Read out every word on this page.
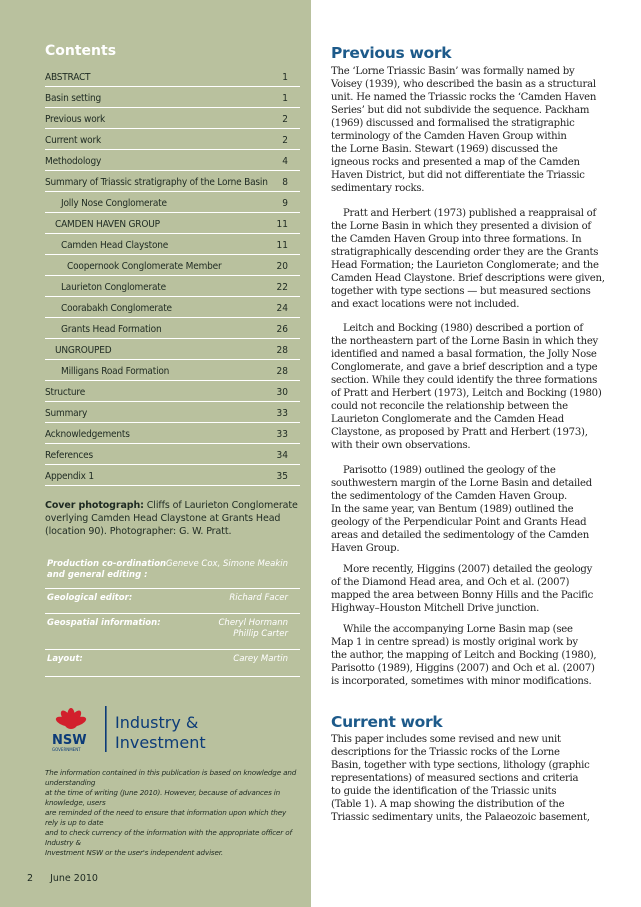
Contents
ABSTRACT	1
Basin setting	1
Previous work	2
Current work	2
Methodology	4
Summary of Triassic stratigraphy of the Lorne Basin 8
Jolly Nose Conglomerate	9
CAMDEN HAVEN GROUP	11
Camden Head Claystone	11
Coopernook Conglomerate Member	20
Laurieton Conglomerate	22
Coorabakh Conglomerate	24
Grants Head Formation	26
UNGROUPED	28
Milligans Road Formation	28
Structure	30
Summary	33
Acknowledgements	33
References	34
Appendix 1	35
Cover photograph: Cliffs of Laurieton Conglomerate
overlying Camden Head Claystone at Grants Head
(location 90). Photographer: G. W. Pratt.
Production co-ordination
and general editing :
Geneve Cox, Simone Meakin
Geological editor:	Richard Facer
Geospatial information:	Cheryl Hormann
Phillip Carter
Layout:	Carey Martin
NSW
GOVERNMENT
Industry &
Investment
The information contained in this publication is based on knowledge and understanding
at the time of writing (June 2010). However, because of advances in knowledge, users
are reminded of the need to ensure that information upon which they rely is up to date
and to check currency of the information with the appropriate officer of Industry &
Investment NSW or the user's independent adviser.
2 June 2010
Previous work
Current work
The ‘Lorne Triassic Basin’ was formally named by
Voisey (1939), who described the basin as a structural
unit. He named the Triassic rocks the ‘Camden Haven
Series’ but did not subdivide the sequence. Packham
(1969) discussed and formalised the stratigraphic
terminology of the Camden Haven Group within
the Lorne Basin. Stewart (1969) discussed the
igneous rocks and presented a map of the Camden
Haven District, but did not differentiate the Triassic
sedimentary rocks.
Pratt and Herbert (1973) published a reappraisal of
the Lorne Basin in which they presented a division of
the Camden Haven Group into three formations. In
stratigraphically descending order they are the Grants
Head Formation; the Laurieton Conglomerate; and the
Camden Head Claystone. Brief descriptions were given,
together with type sections — but measured sections
and exact locations were not included.
Leitch and Bocking (1980) described a portion of
the northeastern part of the Lorne Basin in which they
identified and named a basal formation, the Jolly Nose
Conglomerate, and gave a brief description and a type
section. While they could identify the three formations
of Pratt and Herbert (1973), Leitch and Bocking (1980)
could not reconcile the relationship between the
Laurieton Conglomerate and the Camden Head
Claystone, as proposed by Pratt and Herbert (1973),
with their own observations.
Parisotto (1989) outlined the geology of the
southwestern margin of the Lorne Basin and detailed
the sedimentology of the Camden Haven Group.
In the same year, van Bentum (1989) outlined the
geology of the Perpendicular Point and Grants Head
areas and detailed the sedimentology of the Camden
Haven Group.
More recently, Higgins (2007) detailed the geology
of the Diamond Head area, and Och et al. (2007)
mapped the area between Bonny Hills and the Pacific
Highway–Houston Mitchell Drive junction.
While the accompanying Lorne Basin map (see
Map 1 in centre spread) is mostly original work by
the author, the mapping of Leitch and Bocking (1980),
Parisotto (1989), Higgins (2007) and Och et al. (2007)
is incorporated, sometimes with minor modifications.
This paper includes some revised and new unit
descriptions for the Triassic rocks of the Lorne
Basin, together with type sections, lithology (graphic
representations) of measured sections and criteria
to guide the identification of the Triassic units
(Table 1). A map showing the distribution of the
Triassic sedimentary units, the Palaeozoic basement,
